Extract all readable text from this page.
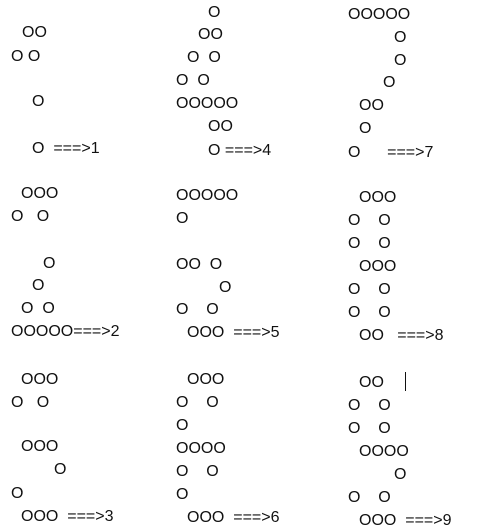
OO
O O
O
O  ===>1
OOO
O   O
O
O
O  O
OOOOO===>2
OOO
O   O
OOO
O
O
OOO  ===>3
O
OO
O  O
O  O
OOOOO
OO
O ===>4
OOOOO
O
OO  O
O
O    O
OOO  ===>5
OOO
O    O
O
OOOO
O    O
O
OOO  ===>6
OOOOO
O
O
O
OO
O
O      ===>7
OOO
O    O
O    O
OOO
O    O
O    O
OO   ===>8
OO
O    O
O    O
OOOO
O
O    O
OOO  ===>9
